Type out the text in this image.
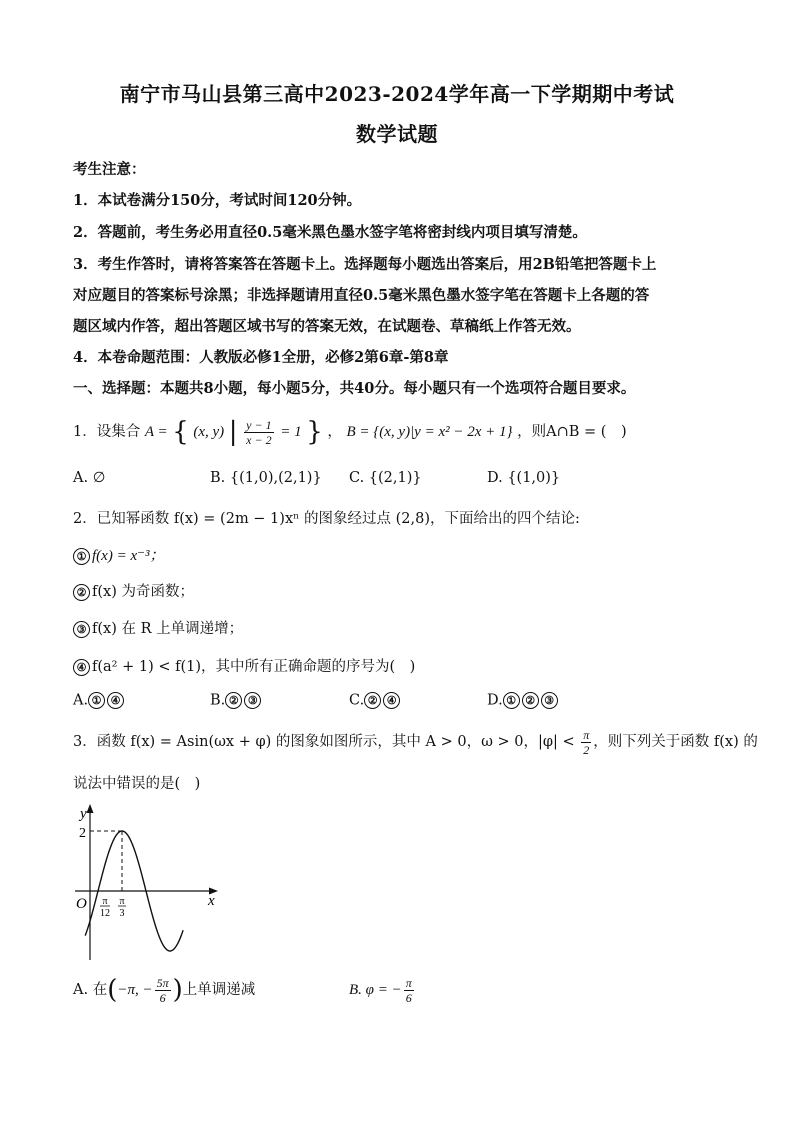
南宁市马山县第三高中2023-2024学年高一下学期期中考试
数学试题
考生注意：
1．本试卷满分150分，考试时间120分钟。
2．答题前，考生务必用直径0.5毫米黑色墨水签字笔将密封线内项目填写清楚。
3．考生作答时，请将答案答在答题卡上。选择题每小题选出答案后，用2B铅笔把答题卡上
对应题目的答案标号涂黑；非选择题请用直径0.5毫米黑色墨水签字笔在答题卡上各题的答
题区域内作答，超出答题区域书写的答案无效，在试题卷、草稿纸上作答无效。
4．本卷命题范围：人教版必修1全册，必修2第6章-第8章
一、选择题：本题共8小题，每小题5分，共40分。每小题只有一个选项符合题目要求。
1．设集合 A = { (x, y) | $\frac{y - 1}{x - 2} = 1$ } ， B = {(x, y)|y = x² − 2x + 1} ，则A∩B = (　)
A. ∅	B. {(1,0),(2,1)} C. {(2,1)}	D. {(1,0)}
2．已知幂函数 f(x) = (2m − 1)xⁿ 的图象经过点 (2,8)，下面给出的四个结论:
① f(x) = x⁻³；
② f(x) 为奇函数；
③ f(x) 在 R 上单调递增；
④ f(a² + 1) < f(1)，其中所有正确命题的序号为(　)
A. ① ④	B. ② ③	C. ② ④	D. ① ② ③
3．函数 f(x) = Asin(ωx + φ) 的图象如图所示，其中 A > 0，ω > 0，$|\varphi| < \frac{\pi}{2}$ ，则下列关于函数 f(x) 的
说法中错误的是(　)
y
x
O
2
π
12
π
3
A. 在(−π, − $\frac{5\pi}{6}$ )上单调递减	B. φ = − $\frac{\pi}{6}$
